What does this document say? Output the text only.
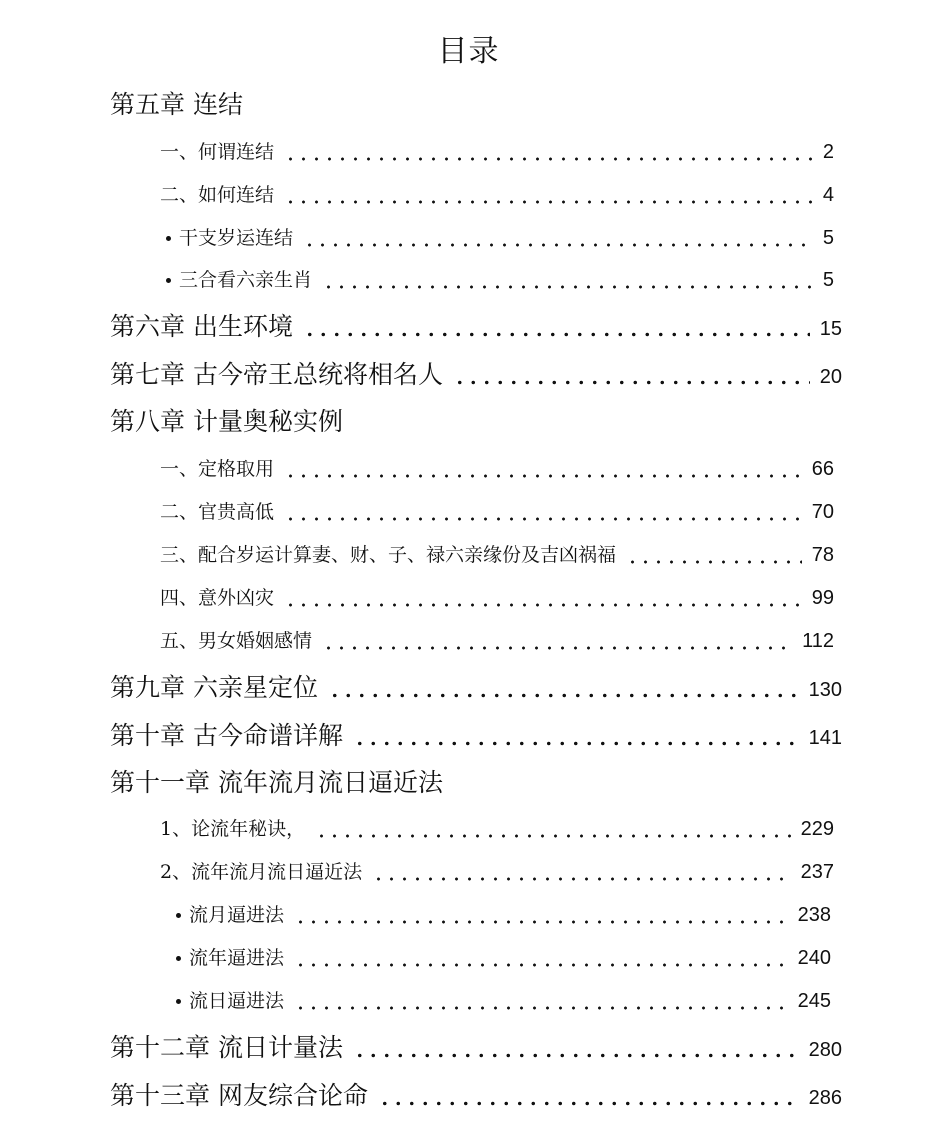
目录
第五章 连结
一、何谓连结	2
二、如何连结	4
干支岁运连结	5
三合看六亲生肖	5
第六章 出生环境	15
第七章 古今帝王总统将相名人	20
第八章 计量奥秘实例
一、定格取用	66
二、官贵高低	70
三、配合岁运计算妻、财、子、禄六亲缘份及吉凶祸福	78
四、意外凶灾	99
五、男女婚姻感情	112
第九章 六亲星定位	130
第十章 古今命谱详解	141
第十一章 流年流月流日逼近法
1、论流年秘诀，	229
2、流年流月流日逼近法	237
流月逼进法	238
流年逼进法	240
流日逼进法	245
第十二章 流日计量法	280
第十三章 网友综合论命	286
